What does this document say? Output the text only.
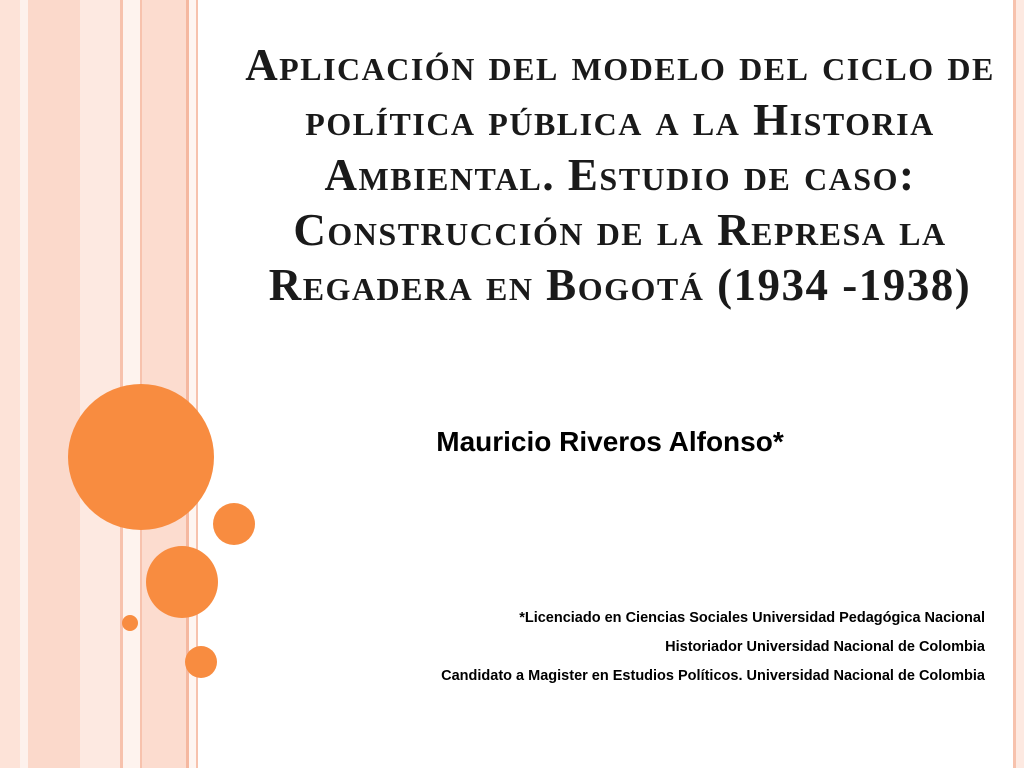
Aplicación del modelo del ciclo de política pública a la Historia Ambiental. Estudio de caso: Construcción de la Represa la Regadera en Bogotá (1934 -1938)

Mauricio Riveros Alfonso*

*Licenciado en Ciencias Sociales Universidad Pedagógica Nacional
Historiador Universidad Nacional de Colombia
Candidato a Magister en Estudios Políticos. Universidad Nacional de Colombia
